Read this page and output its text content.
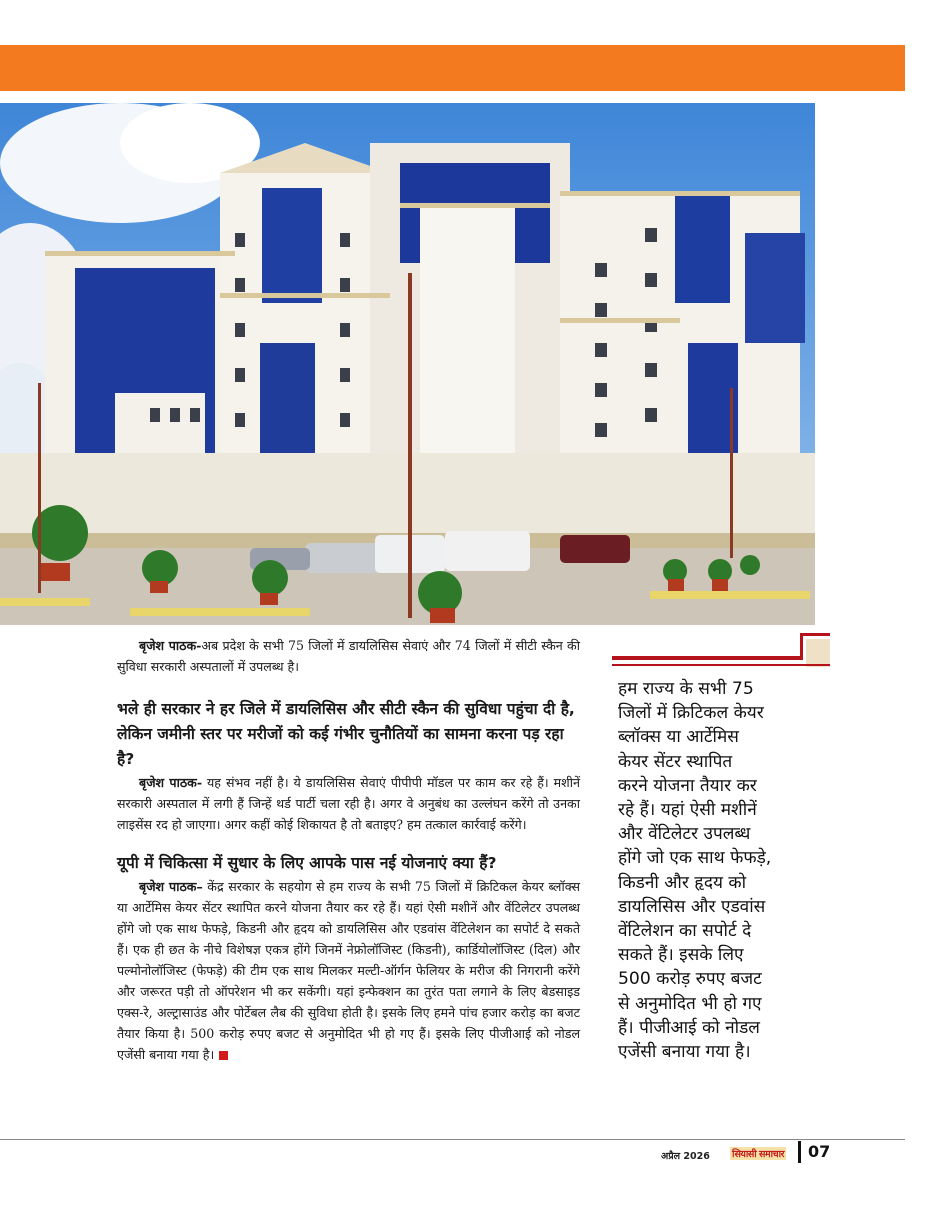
बृजेश पाठक-अब प्रदेश के सभी 75 जिलों में डायलिसिस सेवाएं और 74 जिलों में सीटी स्कैन की सुविधा सरकारी अस्पतालों में उपलब्ध है।

भले ही सरकार ने हर जिले में डायलिसिस और सीटी स्कैन की सुविधा पहुंचा दी है, लेकिन जमीनी स्तर पर मरीजों को कई गंभीर चुनौतियों का सामना करना पड़ रहा है?

बृजेश पाठक- यह संभव नहीं है। ये डायलिसिस सेवाएं पीपीपी मॉडल पर काम कर रहे हैं। मशीनें सरकारी अस्पताल में लगी हैं जिन्हें थर्ड पार्टी चला रही है। अगर वे अनुबंध का उल्लंघन करेंगे तो उनका लाइसेंस रद हो जाएगा। अगर कहीं कोई शिकायत है तो बताइए? हम तत्काल कार्रवाई करेंगे।

यूपी में चिकित्सा में सुधार के लिए आपके पास नई योजनाएं क्या हैं?

बृजेश पाठक– केंद्र सरकार के सहयोग से हम राज्य के सभी 75 जिलों में क्रिटिकल केयर ब्लॉक्स या आर्टेमिस केयर सेंटर स्थापित करने योजना तैयार कर रहे हैं। यहां ऐसी मशीनें और वेंटिलेटर उपलब्ध होंगे जो एक साथ फेफड़े, किडनी और हृदय को डायलिसिस और एडवांस वेंटिलेशन का सपोर्ट दे सकते हैं। एक ही छत के नीचे विशेषज्ञ एकत्र होंगे जिनमें नेफ्रोलॉजिस्ट (किडनी), कार्डियोलॉजिस्ट (दिल) और पल्मोनोलॉजिस्ट (फेफड़े) की टीम एक साथ मिलकर मल्टी-ऑर्गन फेलियर के मरीज की निगरानी करेंगे और जरूरत पड़ी तो ऑपरेशन भी कर सकेंगी। यहां इन्फेक्शन का तुरंत पता लगाने के लिए बेडसाइड एक्स-रे, अल्ट्रासाउंड और पोर्टेबल लैब की सुविधा होती है। इसके लिए हमने पांच हजार करोड़ का बजट तैयार किया है। 500 करोड़ रुपए बजट से अनुमोदित भी हो गए हैं। इसके लिए पीजीआई को नोडल एजेंसी बनाया गया है।

हम राज्य के सभी 75
जिलों में क्रिटिकल केयर
ब्लॉक्स या आर्टेमिस
केयर सेंटर स्थापित
करने योजना तैयार कर
रहे हैं। यहां ऐसी मशीनें
और वेंटिलेटर उपलब्ध
होंगे जो एक साथ फेफड़े,
किडनी और हृदय को
डायलिसिस और एडवांस
वेंटिलेशन का सपोर्ट दे
सकते हैं। इसके लिए
500 करोड़ रुपए बजट
से अनुमोदित भी हो गए
हैं। पीजीआई को नोडल
एजेंसी बनाया गया है।
अप्रैल 2026 सियासी समाचार 07
